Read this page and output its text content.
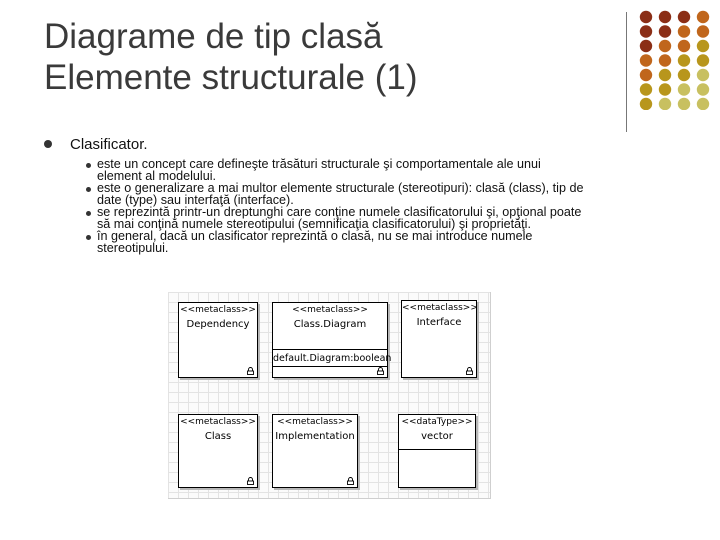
Diagrame de tip clasă
Elemente structurale (1)
Clasificator.
este un concept care defineşte trăsături structurale şi comportamentale ale unui
element al modelului.
este o generalizare a mai multor elemente structurale (stereotipuri): clasă (class), tip de
date (type) sau interfaţă (interface).
se reprezintă printr-un dreptunghi care conţine numele clasificatorului şi, opţional poate
să mai conţină numele stereotipului (semnificaţia clasificatorului) şi proprietăţi.
în general, dacă un clasificator reprezintă o clasă, nu se mai introduce numele
stereotipului.
<<metaclass>>
Dependency
<<metaclass>>
Class.Diagram
default.Diagram:boolean
<<metaclass>>
Interface
<<metaclass>>
Class
<<metaclass>>
Implementation
<<dataType>>
vector
